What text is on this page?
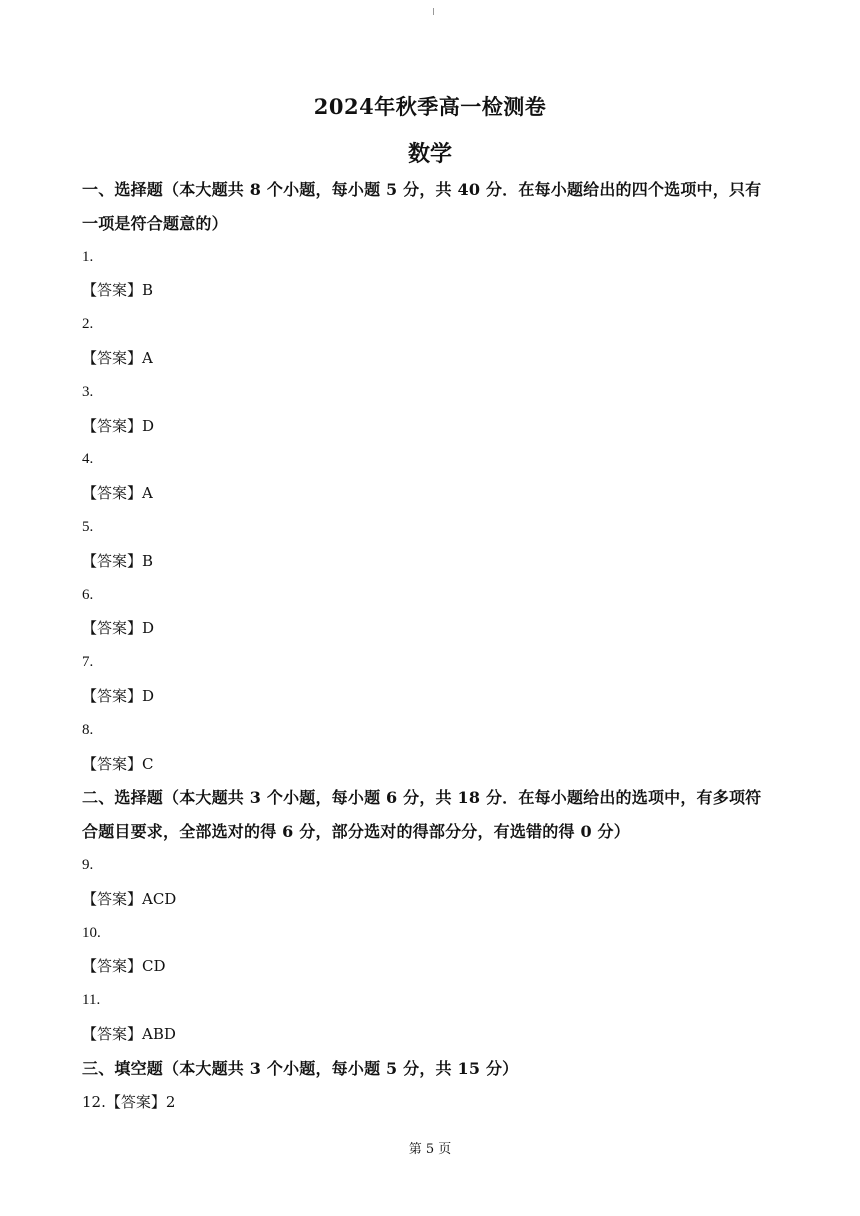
2024年秋季高一检测卷
数学
一、选择题（本大题共 8 个小题，每小题 5 分，共 40 分．在每小题给出的四个选项中，只有
一项是符合题意的）
1.
【答案】B
2.
【答案】A
3.
【答案】D
4.
【答案】A
5.
【答案】B
6.
【答案】D
7.
【答案】D
8.
【答案】C
二、选择题（本大题共 3 个小题，每小题 6 分，共 18 分．在每小题给出的选项中，有多项符
合题目要求，全部选对的得 6 分，部分选对的得部分分，有选错的得 0 分）
9.
【答案】ACD
10.
【答案】CD
11.
【答案】ABD
三、填空题（本大题共 3 个小题，每小题 5 分，共 15 分）
12.【答案】2
第 5 页
